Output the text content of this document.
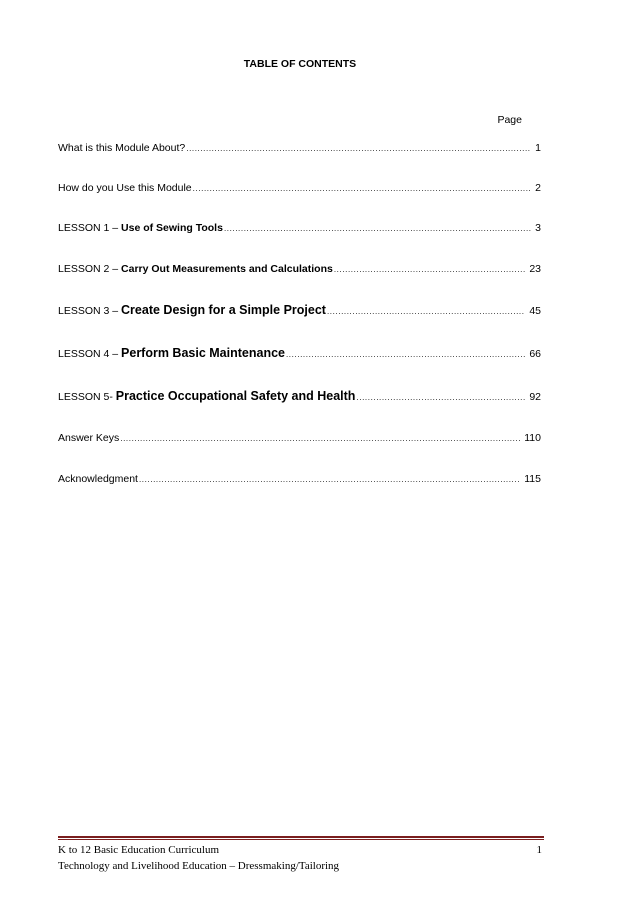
TABLE OF CONTENTS
Page
What is this Module About? .....	1
How do you Use this Module .....	2
LESSON 1 – Use of Sewing Tools .....	3
LESSON 2 – Carry Out Measurements and Calculations .....	23
LESSON 3 – Create Design for a Simple Project .....	45
LESSON 4 – Perform Basic Maintenance .....	66
LESSON 5- Practice Occupational Safety and Health .....	92
Answer Keys .....	110
Acknowledgment .....	115
K to 12 Basic Education Curriculum
Technology and Livelihood Education – Dressmaking/Tailoring
1
